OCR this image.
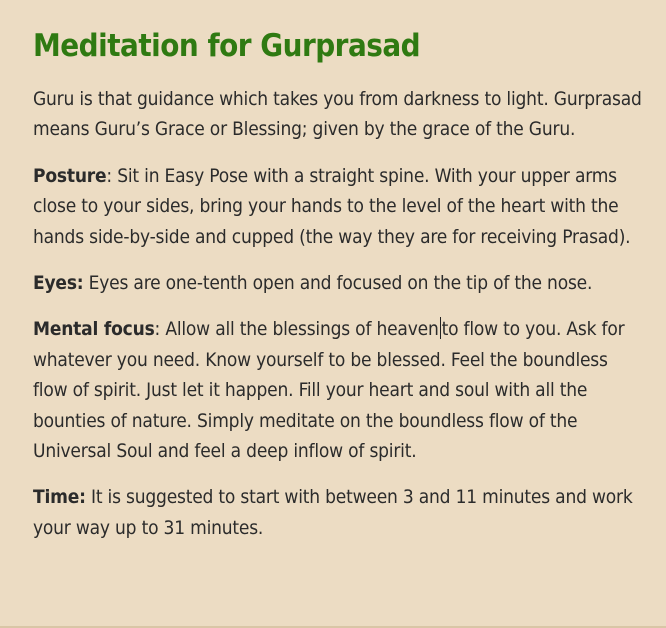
Meditation for Gurprasad

Guru is that guidance which takes you from darkness to light. Gurprasad means Guru’s Grace or Blessing; given by the grace of the Guru.

Posture: Sit in Easy Pose with a straight spine. With your upper arms close to your sides, bring your hands to the level of the heart with the hands side-by-side and cupped (the way they are for receiving Prasad).

Eyes: Eyes are one-tenth open and focused on the tip of the nose.

Mental focus: Allow all the blessings of heaven to flow to you. Ask for whatever you need. Know yourself to be blessed. Feel the boundless flow of spirit. Just let it happen. Fill your heart and soul with all the bounties of nature. Simply meditate on the boundless flow of the Universal Soul and feel a deep inflow of spirit.

Time: It is suggested to start with between 3 and 11 minutes and work your way up to 31 minutes.
